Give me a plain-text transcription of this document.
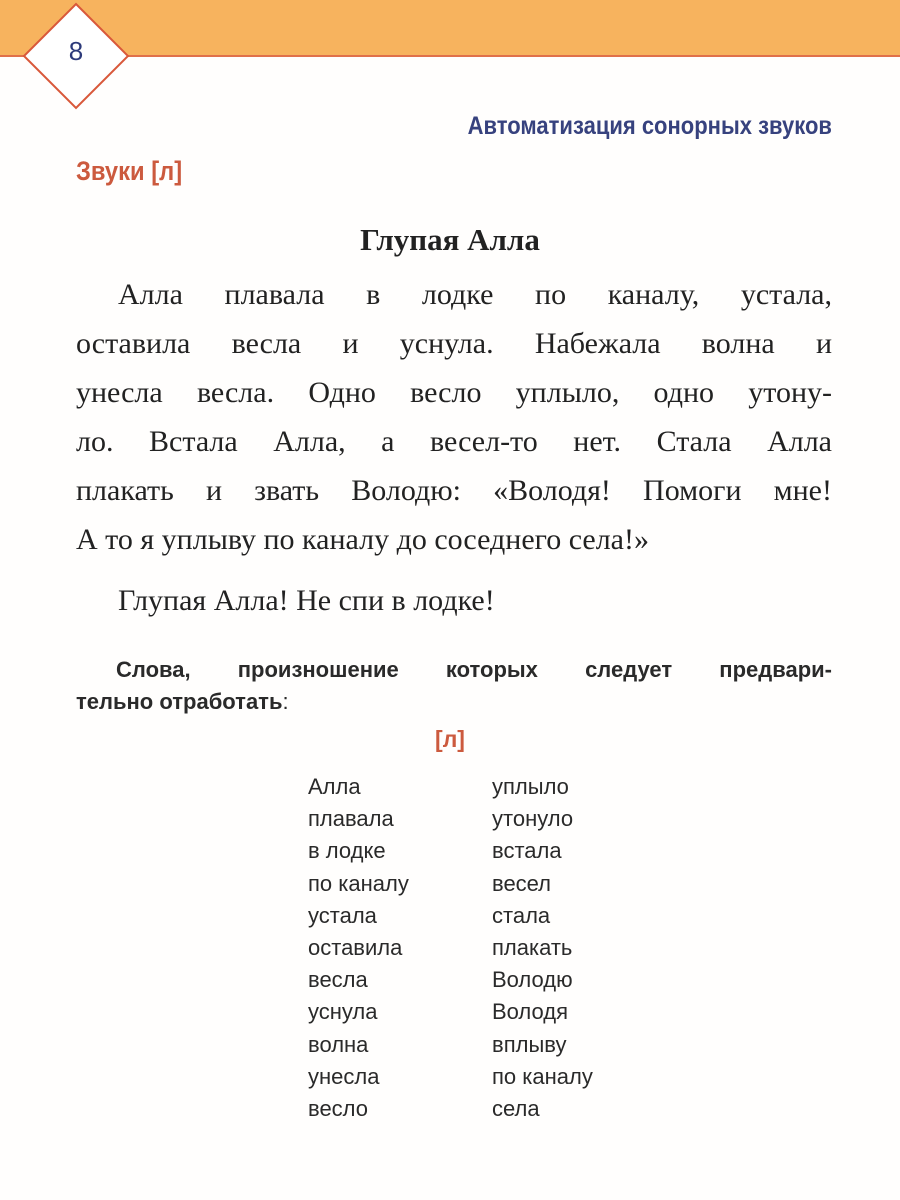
8
Автоматизация сонорных звуков
Звуки [л]
Глупая Алла
Алла плавала в лодке по каналу, устала,
оставила весла и уснула. Набежала волна и
унесла весла. Одно весло уплыло, одно утону-
ло. Встала Алла, а весел-то нет. Стала Алла
плакать и звать Володю: «Володя! Помоги мне!
А то я уплыву по каналу до соседнего села!»
Глупая Алла! Не спи в лодке!
Слова, произношение которых следует предвари-
тельно отработать:
[л]
Алла
плавала
в лодке
по каналу
устала
оставила
весла
уснула
волна
унесла
весло
уплыло
утонуло
встала
весел
стала
плакать
Володю
Володя
вплыву
по каналу
села
